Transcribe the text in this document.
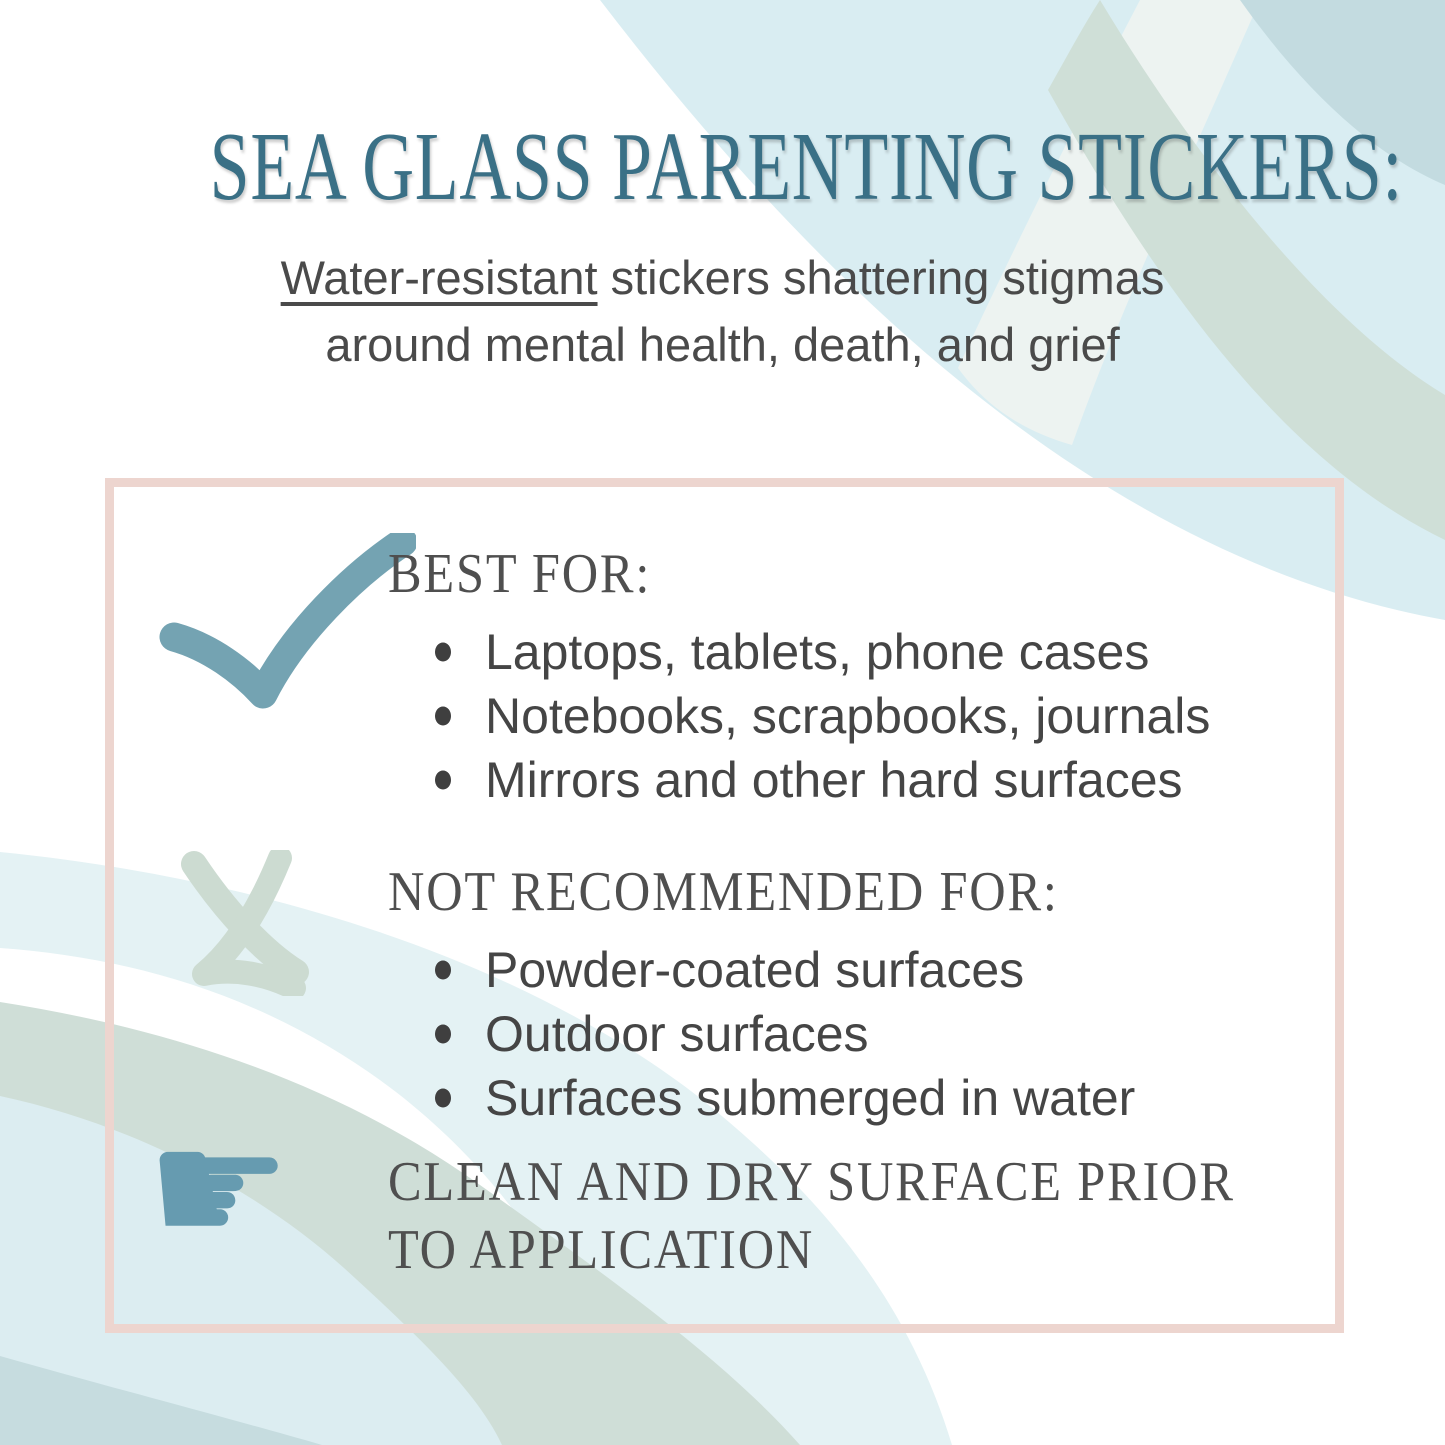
SEA GLASS PARENTING STICKERS:
Water-resistant stickers shattering stigmas
around mental health, death, and grief
BEST FOR:
Laptops, tablets, phone cases
Notebooks, scrapbooks, journals
Mirrors and other hard surfaces
NOT RECOMMENDED FOR:
Powder-coated surfaces
Outdoor surfaces
Surfaces submerged in water
☛ CLEAN AND DRY SURFACE PRIOR TO APPLICATION
